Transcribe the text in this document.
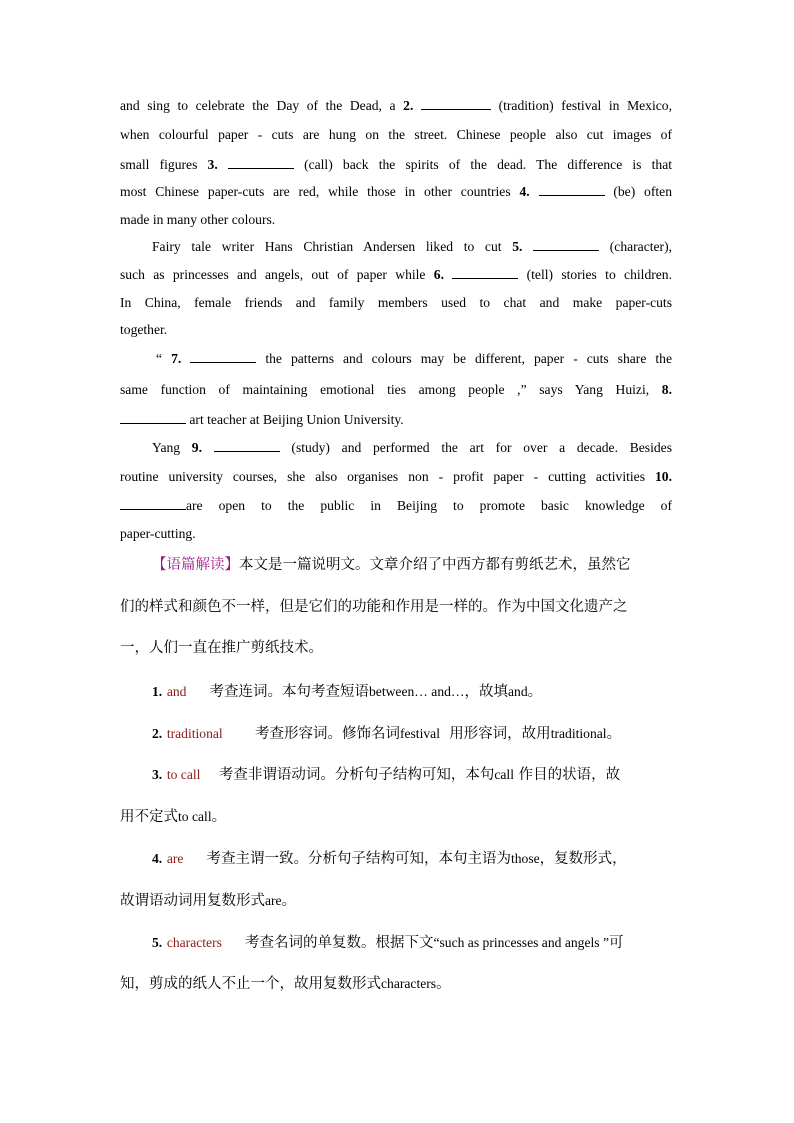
and sing to celebrate the Day of the Dead, a 2.	(tradition) festival in Mexico,
when colourful paper - cuts are hung on the street. Chinese people also cut images of
small figures 3.	(call) back the spirits of the dead. The difference is that
most Chinese paper-cuts are red, while those in other countries 4.	(be) often
made in many other colours.
Fairy tale writer Hans Christian Andersen liked to cut 5.	(character),
such as princesses and angels, out of paper while 6.	(tell) stories to children.
In China, female friends and family members used to chat and make paper-cuts
together.
“ 7.	the patterns and colours may be different, paper - cuts share the
same function of maintaining emotional ties among people ,” says Yang Huizi, 8.
art teacher at Beijing Union University.
Yang 9.	(study) and performed the art for over a decade. Besides
routine university courses, she also organises non - profit paper - cutting activities 10.
are open to the public in Beijing to promote basic knowledge of
paper-cutting.
【语篇解读】本文是一篇说明文。文章介绍了中西方都有剪纸艺术，虽然它
们的样式和颜色不一样，但是它们的功能和作用是一样的。作为中国文化遗产之
一，人们一直在推广剪纸技术。
1. and 考查连词。本句考查短语between… and…，故填and。
2. traditional 考查形容词。修饰名词festival 用形容词，故用traditional。
3. to call 考查非谓语动词。分析句子结构可知，本句call 作目的状语，故
用不定式to call。
4. are 考查主谓一致。分析句子结构可知，本句主语为those，复数形式，
故谓语动词用复数形式are。
5. characters 考查名词的单复数。根据下文“such as princesses and angels ”可
知，剪成的纸人不止一个，故用复数形式characters。
